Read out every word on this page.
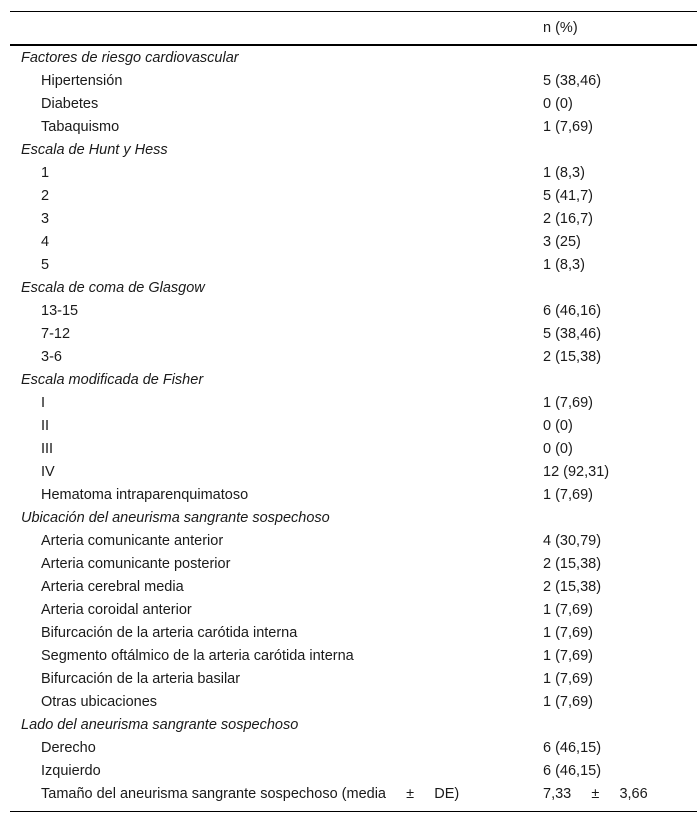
n (%)
Factores de riesgo cardiovascular
Hipertensión	5 (38,46)
Diabetes	0 (0)
Tabaquismo	1 (7,69)
Escala de Hunt y Hess
1	1 (8,3)
2	5 (41,7)
3	2 (16,7)
4	3 (25)
5	1 (8,3)
Escala de coma de Glasgow
13-15	6 (46,16)
7-12	5 (38,46)
3-6	2 (15,38)
Escala modificada de Fisher
I	1 (7,69)
II	0 (0)
III	0 (0)
IV	12 (92,31)
Hematoma intraparenquimatoso	1 (7,69)
Ubicación del aneurisma sangrante sospechoso
Arteria comunicante anterior	4 (30,79)
Arteria comunicante posterior	2 (15,38)
Arteria cerebral media	2 (15,38)
Arteria coroidal anterior	1 (7,69)
Bifurcación de la arteria carótida interna	1 (7,69)
Segmento oftálmico de la arteria carótida interna	1 (7,69)
Bifurcación de la arteria basilar	1 (7,69)
Otras ubicaciones	1 (7,69)
Lado del aneurisma sangrante sospechoso
Derecho	6 (46,15)
Izquierdo	6 (46,15)
Tamaño del aneurisma sangrante sospechoso (media     ±     DE)	7,33     ±     3,66
